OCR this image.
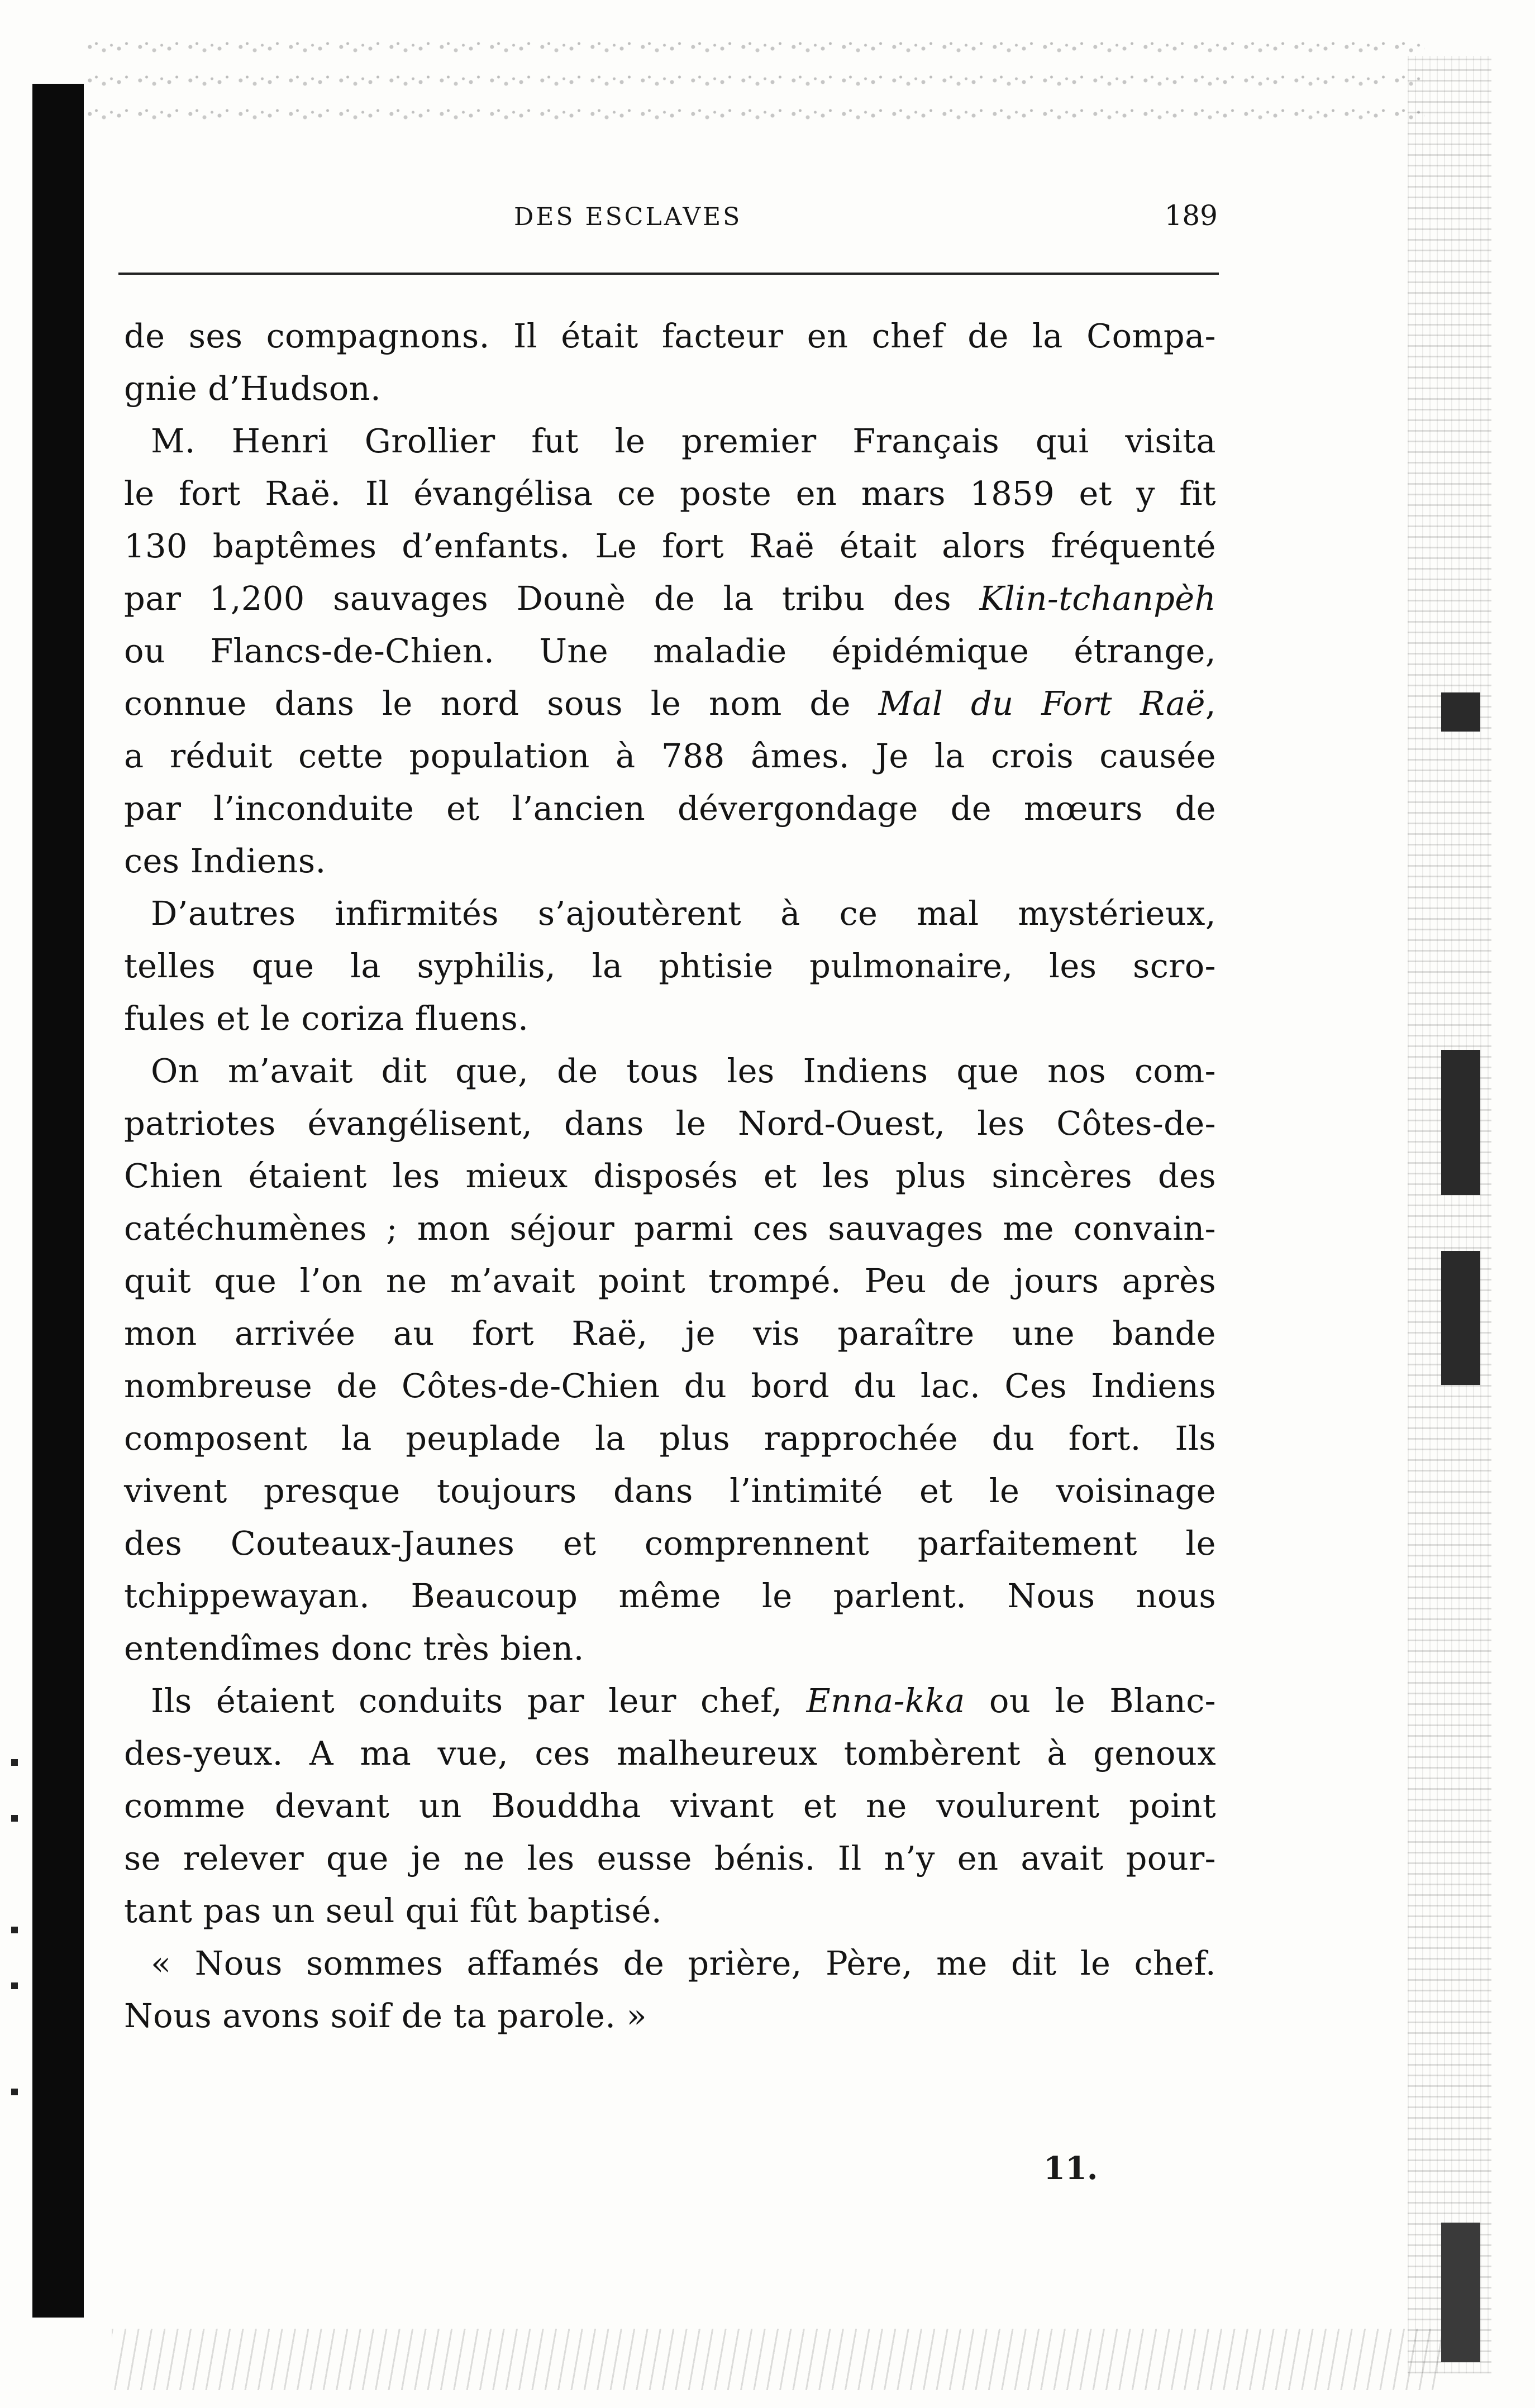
DES ESCLAVES	189
de ses compagnons. Il était facteur en chef de la Compa-
gnie d’Hudson.
M. Henri Grollier fut le premier Français qui visita
le fort Raë. Il évangélisa ce poste en mars 1859 et y fit
130 baptêmes d’enfants. Le fort Raë était alors fréquenté
par 1,200 sauvages Dounè de la tribu des Klin-tchanpèh
ou Flancs-de-Chien. Une maladie épidémique étrange,
connue dans le nord sous le nom de Mal du Fort Raë,
a réduit cette population à 788 âmes. Je la crois causée
par l’inconduite et l’ancien dévergondage de mœurs de
ces Indiens.
D’autres infirmités s’ajoutèrent à ce mal mystérieux,
telles que la syphilis, la phtisie pulmonaire, les scro-
fules et le coriza fluens.
On m’avait dit que, de tous les Indiens que nos com-
patriotes évangélisent, dans le Nord-Ouest, les Côtes-de-
Chien étaient les mieux disposés et les plus sincères des
catéchumènes ; mon séjour parmi ces sauvages me convain-
quit que l’on ne m’avait point trompé. Peu de jours après
mon arrivée au fort Raë, je vis paraître une bande
nombreuse de Côtes-de-Chien du bord du lac. Ces Indiens
composent la peuplade la plus rapprochée du fort. Ils
vivent presque toujours dans l’intimité et le voisinage
des Couteaux-Jaunes et comprennent parfaitement le
tchippewayan. Beaucoup même le parlent. Nous nous
entendîmes donc très bien.
Ils étaient conduits par leur chef, Enna-kka ou le Blanc-
des-yeux. A ma vue, ces malheureux tombèrent à genoux
comme devant un Bouddha vivant et ne voulurent point
se relever que je ne les eusse bénis. Il n’y en avait pour-
tant pas un seul qui fût baptisé.
« Nous sommes affamés de prière, Père, me dit le chef.
Nous avons soif de ta parole. »
11.
